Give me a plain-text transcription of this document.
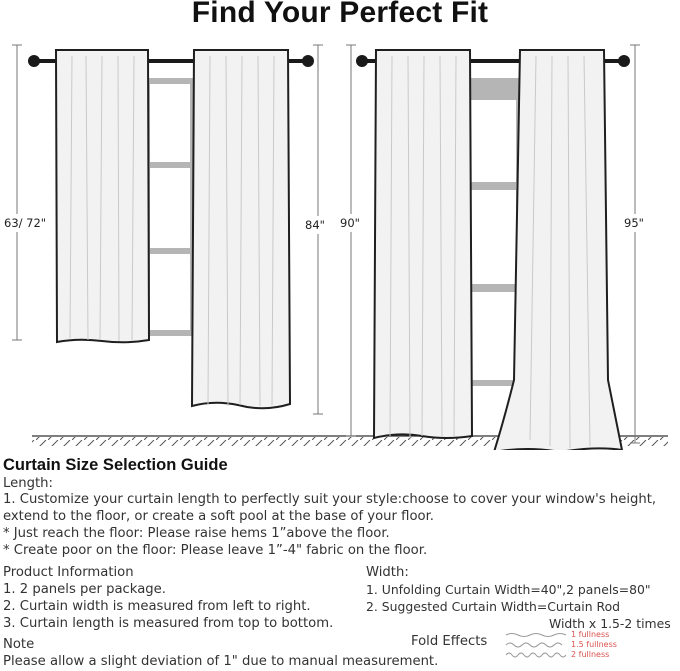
Find Your Perfect Fit
63/ 72"	84" 90"	95"
Curtain Size Selection Guide
Length:
1. Customize your curtain length to perfectly suit your style:choose to cover your window's height,
extend to the floor, or create a soft pool at the base of your floor.
* Just reach the floor: Please raise hems 1”above the floor.
* Create poor on the floor: Please leave 1”-4" fabric on the floor.
Product Information
1. 2 panels per package.
2. Curtain width is measured from left to right.
3. Curtain length is measured from top to bottom.
Width:
1. Unfolding Curtain Width=40",2 panels=80"
2. Suggested Curtain Width=Curtain Rod
Width x 1.5-2 times
Note
Please allow a slight deviation of 1" due to manual measurement.
Fold Effects	1 fullness
1.5 fullness
2 fullness
